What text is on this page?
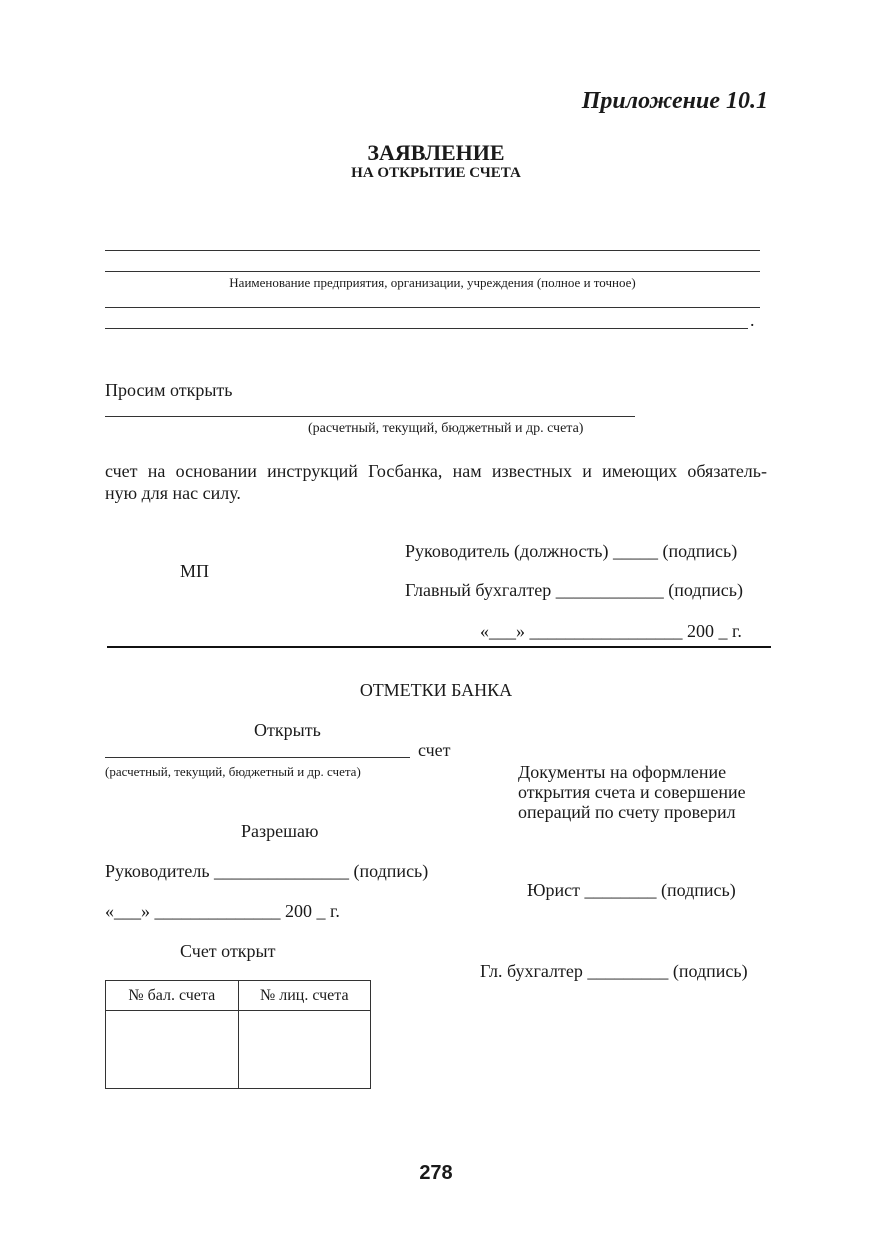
Приложение 10.1
ЗАЯВЛЕНИЕ
НА ОТКРЫТИЕ СЧЕТА
Наименование предприятия, организации, учреждения (полное и точное)
.
Просим открыть
(расчетный, текущий, бюджетный и др. счета)
счет на основании инструкций Госбанка, нам известных и имеющих обязатель-
ную для нас силу.
МП
Руководитель (должность) _____ (подпись)
Главный бухгалтер ____________ (подпись)
«___» _________________ 200 _ г.
ОТМЕТКИ БАНКА
Открыть
счет
(расчетный, текущий, бюджетный и др. счета)	Документы на оформление
открытия счета и совершение
операций по счету проверил
Разрешаю
Руководитель _______________ (подпись)
Юрист ________ (подпись)
«___» ______________ 200 _ г.
Счет открыт
Гл. бухгалтер _________ (подпись)
№ бал. счета	№ лиц. счета

278
